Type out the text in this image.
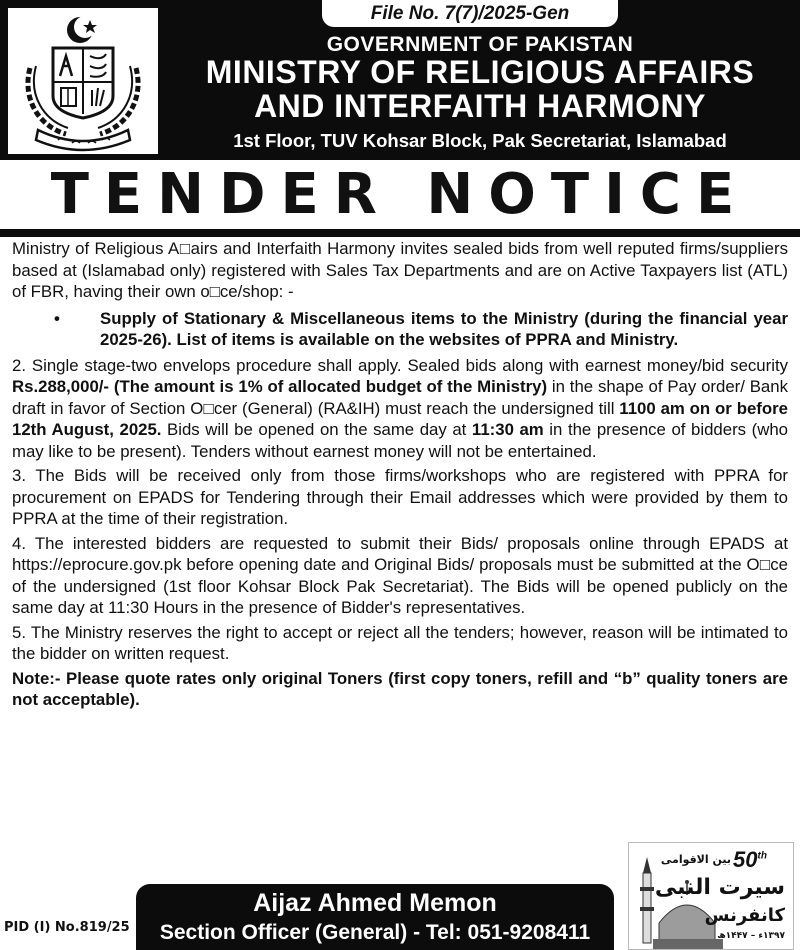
File No. 7(7)/2025-Gen
GOVERNMENT OF PAKISTAN
MINISTRY OF RELIGIOUS AFFAIRS
AND INTERFAITH HARMONY
1st Floor, TUV Kohsar Block, Pak Secretariat, Islamabad
TENDER NOTICE

Ministry of Religious A□airs and Interfaith Harmony invites sealed bids from well reputed firms/suppliers based at (Islamabad only) registered with Sales Tax Departments and are on Active Taxpayers list (ATL) of FBR, having their own o□ce/shop: -

•	Supply of Stationary & Miscellaneous items to the Ministry (during the financial year 2025-26). List of items is available on the websites of PPRA and Ministry.

2. Single stage-two envelops procedure shall apply. Sealed bids along with earnest money/bid security Rs.288,000/- (The amount is 1% of allocated budget of the Ministry) in the shape of Pay order/ Bank draft in favor of Section O□cer (General) (RA&IH) must reach the undersigned till 1100 am on or before 12th August, 2025. Bids will be opened on the same day at 11:30 am in the presence of bidders (who may like to be present). Tenders without earnest money will not be entertained.

3. The Bids will be received only from those firms/workshops who are registered with PPRA for procurement on EPADS for Tendering through their Email addresses which were provided by them to PPRA at the time of their registration.

4. The interested bidders are requested to submit their Bids/ proposals online through EPADS at https://eprocure.gov.pk before opening date and Original Bids/ proposals must be submitted at the O□ce of the undersigned (1st floor Kohsar Block Pak Secretariat). The Bids will be opened publicly on the same day at 11:30 Hours in the presence of Bidder's representatives.

5. The Ministry reserves the right to accept or reject all the tenders; however, reason will be intimated to the bidder on written request.

Note:- Please quote rates only original Toners (first copy toners, refill and “b” quality toners are not acceptable).

PID (I) No.819/25
Aijaz Ahmed Memon
Section Officer (General) - Tel: 051-9208411
50th
بین الاقوامی
سیرت النبی
کانفرنس
۱۳۹۷ء – ۱۴۴۷ھ
